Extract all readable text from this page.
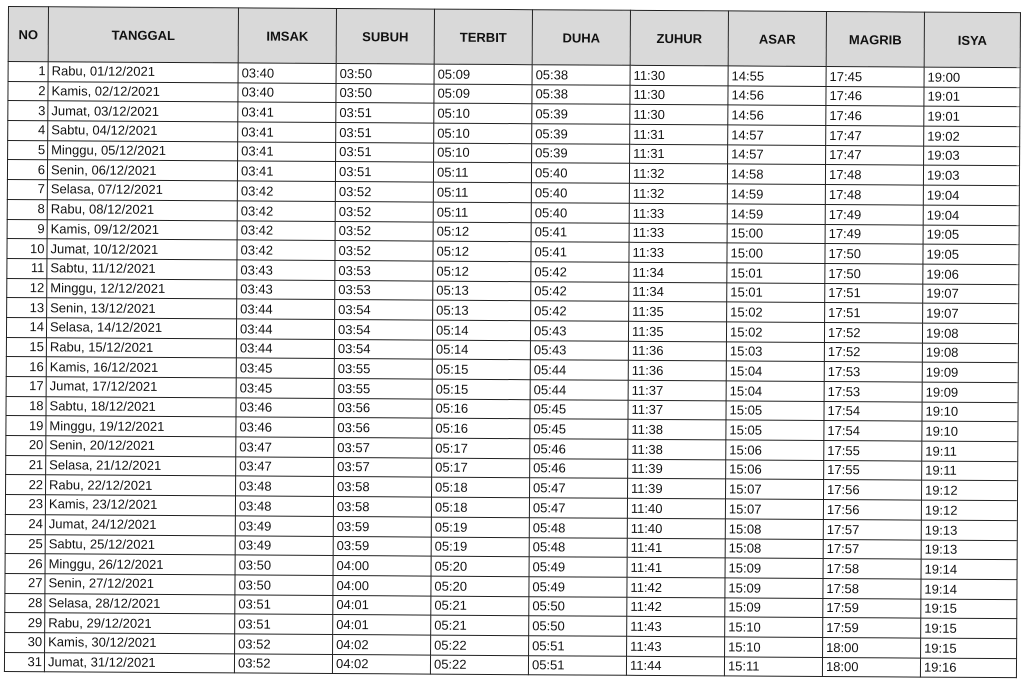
NO	TANGGAL	IMSAK	SUBUH	TERBIT	DUHA	ZUHUR	ASAR	MAGRIB	ISYA
1	Rabu, 01/12/2021	03:40	03:50	05:09	05:38	11:30	14:55	17:45	19:00
2	Kamis, 02/12/2021	03:40	03:50	05:09	05:38	11:30	14:56	17:46	19:01
3	Jumat, 03/12/2021	03:41	03:51	05:10	05:39	11:30	14:56	17:46	19:01
4	Sabtu, 04/12/2021	03:41	03:51	05:10	05:39	11:31	14:57	17:47	19:02
5	Minggu, 05/12/2021	03:41	03:51	05:10	05:39	11:31	14:57	17:47	19:03
6	Senin, 06/12/2021	03:41	03:51	05:11	05:40	11:32	14:58	17:48	19:03
7	Selasa, 07/12/2021	03:42	03:52	05:11	05:40	11:32	14:59	17:48	19:04
8	Rabu, 08/12/2021	03:42	03:52	05:11	05:40	11:33	14:59	17:49	19:04
9	Kamis, 09/12/2021	03:42	03:52	05:12	05:41	11:33	15:00	17:49	19:05
10	Jumat, 10/12/2021	03:42	03:52	05:12	05:41	11:33	15:00	17:50	19:05
11	Sabtu, 11/12/2021	03:43	03:53	05:12	05:42	11:34	15:01	17:50	19:06
12	Minggu, 12/12/2021	03:43	03:53	05:13	05:42	11:34	15:01	17:51	19:07
13	Senin, 13/12/2021	03:44	03:54	05:13	05:42	11:35	15:02	17:51	19:07
14	Selasa, 14/12/2021	03:44	03:54	05:14	05:43	11:35	15:02	17:52	19:08
15	Rabu, 15/12/2021	03:44	03:54	05:14	05:43	11:36	15:03	17:52	19:08
16	Kamis, 16/12/2021	03:45	03:55	05:15	05:44	11:36	15:04	17:53	19:09
17	Jumat, 17/12/2021	03:45	03:55	05:15	05:44	11:37	15:04	17:53	19:09
18	Sabtu, 18/12/2021	03:46	03:56	05:16	05:45	11:37	15:05	17:54	19:10
19	Minggu, 19/12/2021	03:46	03:56	05:16	05:45	11:38	15:05	17:54	19:10
20	Senin, 20/12/2021	03:47	03:57	05:17	05:46	11:38	15:06	17:55	19:11
21	Selasa, 21/12/2021	03:47	03:57	05:17	05:46	11:39	15:06	17:55	19:11
22	Rabu, 22/12/2021	03:48	03:58	05:18	05:47	11:39	15:07	17:56	19:12
23	Kamis, 23/12/2021	03:48	03:58	05:18	05:47	11:40	15:07	17:56	19:12
24	Jumat, 24/12/2021	03:49	03:59	05:19	05:48	11:40	15:08	17:57	19:13
25	Sabtu, 25/12/2021	03:49	03:59	05:19	05:48	11:41	15:08	17:57	19:13
26	Minggu, 26/12/2021	03:50	04:00	05:20	05:49	11:41	15:09	17:58	19:14
27	Senin, 27/12/2021	03:50	04:00	05:20	05:49	11:42	15:09	17:58	19:14
28	Selasa, 28/12/2021	03:51	04:01	05:21	05:50	11:42	15:09	17:59	19:15
29	Rabu, 29/12/2021	03:51	04:01	05:21	05:50	11:43	15:10	17:59	19:15
30	Kamis, 30/12/2021	03:52	04:02	05:22	05:51	11:43	15:10	18:00	19:15
31	Jumat, 31/12/2021	03:52	04:02	05:22	05:51	11:44	15:11	18:00	19:16
